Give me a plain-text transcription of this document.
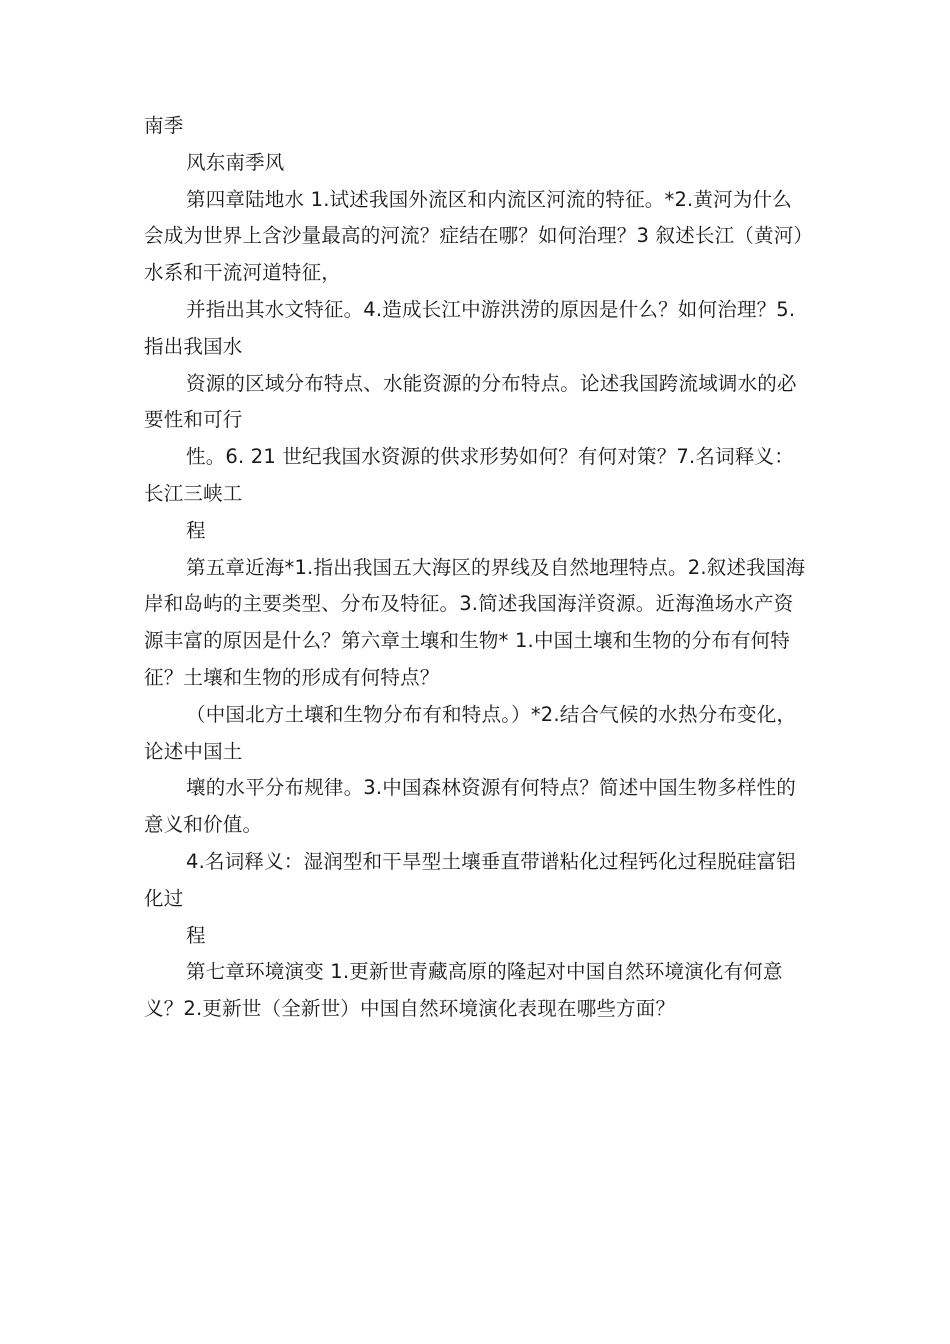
南季

风东南季风

第四章陆地水 1.试述我国外流区和内流区河流的特征。*2.黄河为什么会成为世界上含沙量最高的河流？症结在哪？如何治理？3 叙述长江（黄河）水系和干流河道特征，

并指出其水文特征。4.造成长江中游洪涝的原因是什么？如何治理？5.指出我国水

资源的区域分布特点、水能资源的分布特点。论述我国跨流域调水的必要性和可行

性。6. 21 世纪我国水资源的供求形势如何？有何对策？7.名词释义：长江三峡工

程

第五章近海*1.指出我国五大海区的界线及自然地理特点。2.叙述我国海岸和岛屿的主要类型、分布及特征。3.简述我国海洋资源。近海渔场水产资源丰富的原因是什么？第六章土壤和生物* 1.中国土壤和生物的分布有何特征？土壤和生物的形成有何特点？

（中国北方土壤和生物分布有和特点。）*2.结合气候的水热分布变化，论述中国土

壤的水平分布规律。3.中国森林资源有何特点？简述中国生物多样性的意义和价值。

4.名词释义：湿润型和干旱型土壤垂直带谱粘化过程钙化过程脱硅富铝化过

程

第七章环境演变 1.更新世青藏高原的隆起对中国自然环境演化有何意义？2.更新世（全新世）中国自然环境演化表现在哪些方面？
